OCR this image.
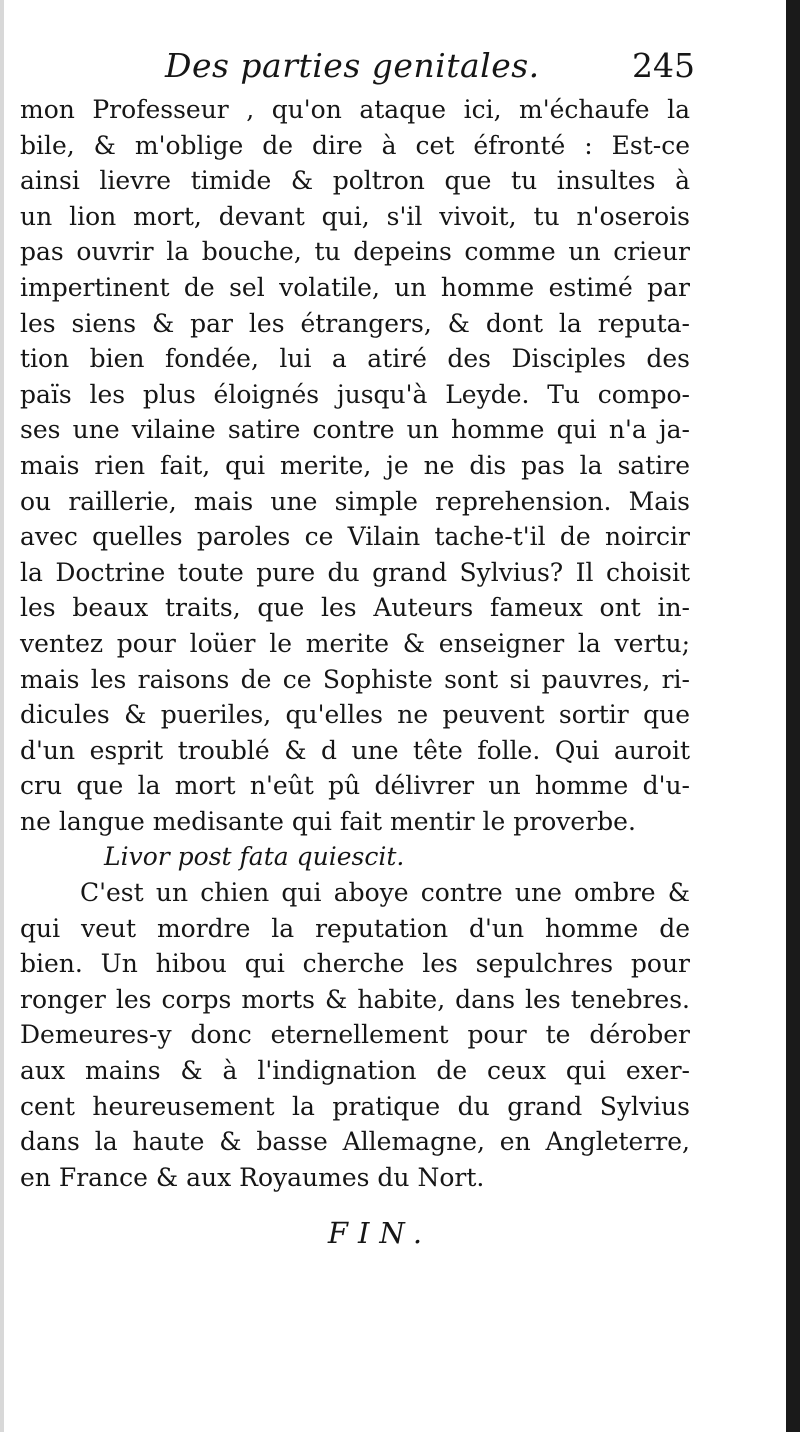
Des parties genitales.	245
mon Professeur , qu'on ataque ici, m'échaufe la
bile, & m'oblige de dire à cet éfronté : Est-ce
ainsi lievre timide & poltron que tu insultes à
un lion mort, devant qui, s'il vivoit, tu n'oserois
pas ouvrir la bouche, tu depeins comme un crieur
impertinent de sel volatile, un homme estimé par
les siens & par les étrangers, & dont la reputa-
tion bien fondée, lui a atiré des Disciples des
païs les plus éloignés jusqu'à Leyde. Tu compo-
ses une vilaine satire contre un homme qui n'a ja-
mais rien fait, qui merite, je ne dis pas la satire
ou raillerie, mais une simple reprehension. Mais
avec quelles paroles ce Vilain tache-t'il de noircir
la Doctrine toute pure du grand Sylvius? Il choisit
les beaux traits, que les Auteurs fameux ont in-
ventez pour loüer le merite & enseigner la vertu;
mais les raisons de ce Sophiste sont si pauvres, ri-
dicules & pueriles, qu'elles ne peuvent sortir que
d'un esprit troublé & d une tête folle. Qui auroit
cru que la mort n'eût pû délivrer un homme d'u-
ne langue medisante qui fait mentir le proverbe.
Livor post fata quiescit.
C'est un chien qui aboye contre une ombre &
qui veut mordre la reputation d'un homme de
bien. Un hibou qui cherche les sepulchres pour
ronger les corps morts & habite, dans les tenebres.
Demeures-y donc eternellement pour te dérober
aux mains & à l'indignation de ceux qui exer-
cent heureusement la pratique du grand Sylvius
dans la haute & basse Allemagne, en Angleterre,
en France & aux Royaumes du Nort.
FIN.
